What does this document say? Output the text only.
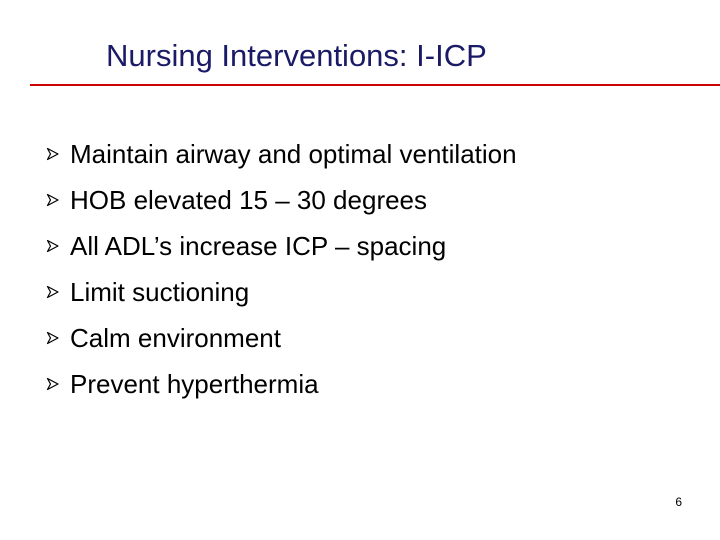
Nursing Interventions: I-ICP
Maintain airway and optimal ventilation
HOB elevated 15 – 30 degrees
All ADL’s increase ICP – spacing
Limit suctioning
Calm environment
Prevent hyperthermia
6
